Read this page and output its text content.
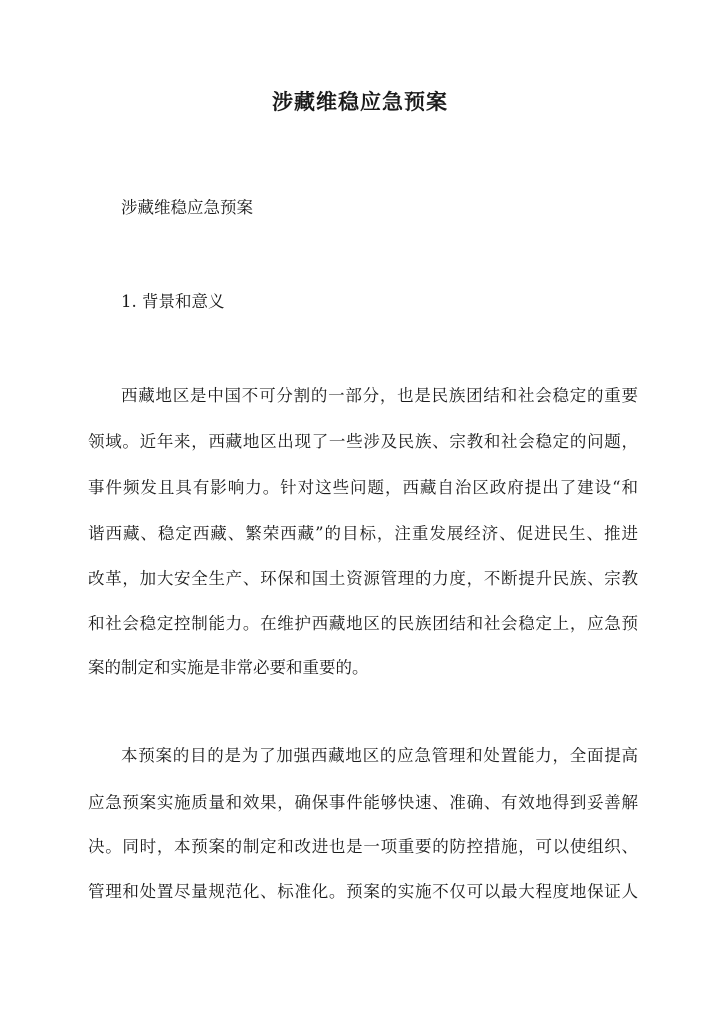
涉藏维稳应急预案

涉藏维稳应急预案

1. 背景和意义

西藏地区是中国不可分割的一部分，也是民族团结和社会稳定的重要

领域。近年来，西藏地区出现了一些涉及民族、宗教和社会稳定的问题，

事件频发且具有影响力。针对这些问题，西藏自治区政府提出了建设“和

谐西藏、稳定西藏、繁荣西藏”的目标，注重发展经济、促进民生、推进

改革，加大安全生产、环保和国土资源管理的力度，不断提升民族、宗教

和社会稳定控制能力。在维护西藏地区的民族团结和社会稳定上，应急预

案的制定和实施是非常必要和重要的。

本预案的目的是为了加强西藏地区的应急管理和处置能力，全面提高

应急预案实施质量和效果，确保事件能够快速、准确、有效地得到妥善解

决。同时，本预案的制定和改进也是一项重要的防控措施，可以使组织、

管理和处置尽量规范化、标准化。预案的实施不仅可以最大程度地保证人
